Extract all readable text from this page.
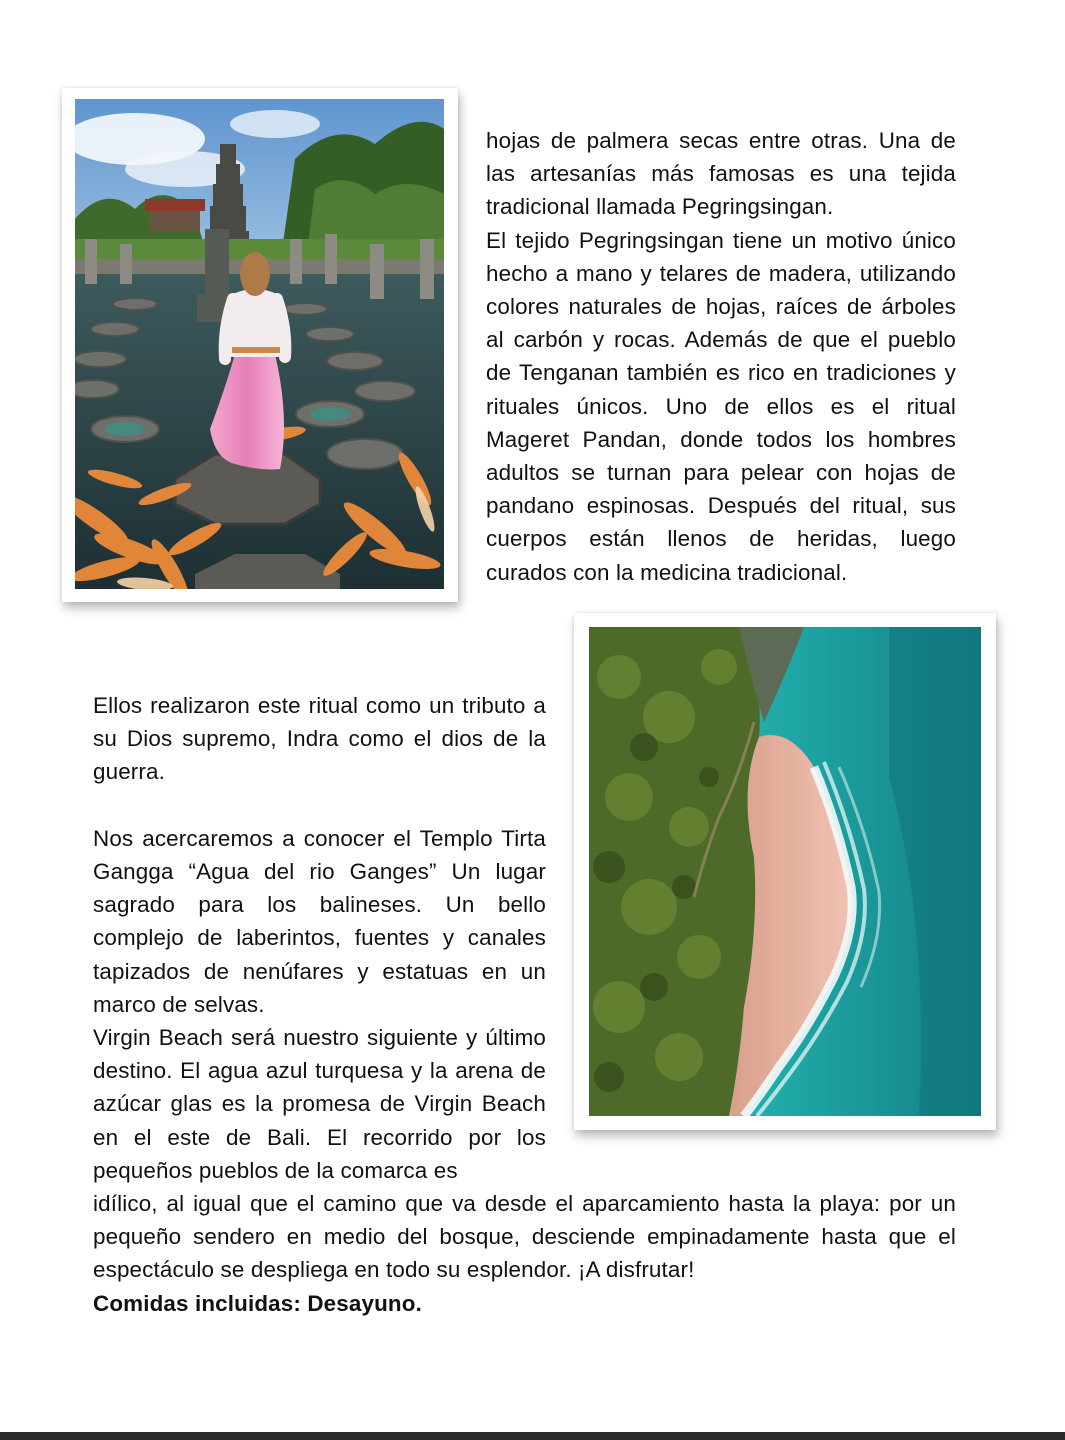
hojas de palmera secas entre otras. Una de las artesanías más famosas es una tejida tradicional llamada Pegringsingan.

El tejido Pegringsingan tiene un motivo único hecho a mano y telares de madera, utilizando colores naturales de hojas, raíces de árboles al carbón y rocas. Además de que el pueblo de Tenganan también es rico en tradiciones y rituales únicos. Uno de ellos es el ritual Mageret Pandan, donde todos los hombres adultos se turnan para pelear con hojas de pandano espinosas. Después del ritual, sus cuerpos están llenos de heridas, luego curados con la medicina tradicional.

Ellos realizaron este ritual como un tributo a su Dios supremo, Indra como el dios de la guerra.

Nos acercaremos a conocer el Templo Tirta Gangga “Agua del rio Ganges” Un lugar sagrado para los balineses. Un bello complejo de laberintos, fuentes y canales tapizados de nenúfares y estatuas en un marco de selvas.

Virgin Beach será nuestro siguiente y último destino. El agua azul turquesa y la arena de azúcar glas es la promesa de Virgin Beach en el este de Bali. El recorrido por los pequeños pueblos de la comarca es

idílico, al igual que el camino que va desde el aparcamiento hasta la playa: por un pequeño sendero en medio del bosque, desciende empinadamente hasta que el espectáculo se despliega en todo su esplendor. ¡A disfrutar!

Comidas incluidas: Desayuno.
